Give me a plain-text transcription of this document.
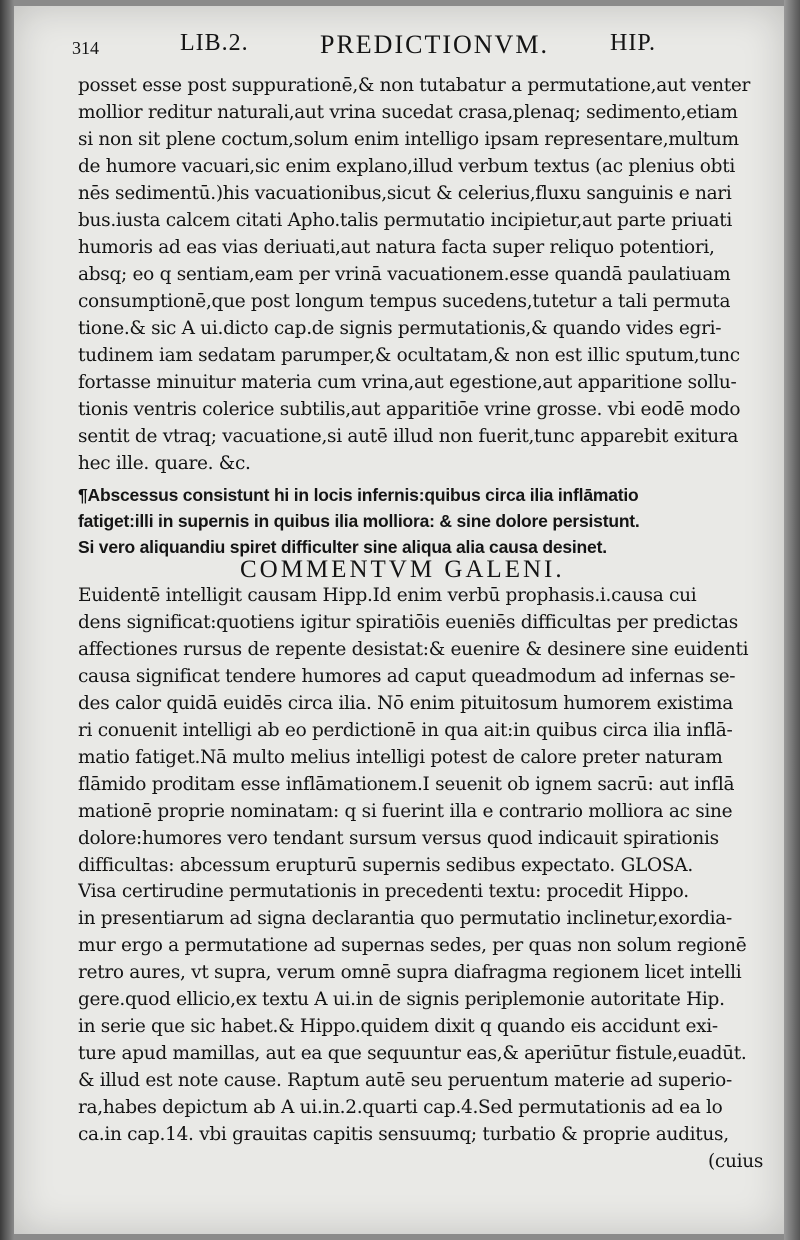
314	LIB.2.	PREDICTIONVM.	HIP.
posset esse post suppurationē,& non tutabatur a permutatione,aut venter
mollior reditur naturali,aut vrina sucedat crasa,plenaq; sedimento,etiam
si non sit plene coctum,solum enim intelligo ipsam representare,multum
de humore vacuari,sic enim explano,illud verbum textus (ac plenius obti
nēs sedimentū.)his vacuationibus,sicut & celerius,fluxu sanguinis e nari
bus.iusta calcem citati Apho.talis permutatio incipietur,aut parte priuati
humoris ad eas vias deriuati,aut natura facta super reliquo potentiori,
absq; eo q sentiam,eam per vrinā vacuationem.esse quandā paulatiuam
consumptionē,que post longum tempus sucedens,tutetur a tali permuta
tione.& sic A ui.dicto cap.de signis permutationis,& quando vides egri-
tudinem iam sedatam parumper,& ocultatam,& non est illic sputum,tunc
fortasse minuitur materia cum vrina,aut egestione,aut apparitione sollu-
tionis ventris colerice subtilis,aut apparitiōe vrine grosse. vbi eodē modo
sentit de vtraq; vacuatione,si autē illud non fuerit,tunc apparebit exitura
hec ille. quare. &c.
¶Abscessus consistunt hi in locis infernis:quibus circa ilia inflāmatio
fatiget:illi in supernis in quibus ilia molliora: & sine dolore persistunt.
Si vero aliquandiu spiret difficulter sine aliqua alia causa desinet.
COMMENTVM GALENI.
Euidentē intelligit causam Hipp.Id enim verbū prophasis.i.causa cui
dens significat:quotiens igitur spiratiōis eueniēs difficultas per predictas
affectiones rursus de repente desistat:& euenire & desinere sine euidenti
causa significat tendere humores ad caput queadmodum ad infernas se-
des calor quidā euidēs circa ilia. Nō enim pituitosum humorem existima
ri conuenit intelligi ab eo perdictionē in qua ait:in quibus circa ilia inflā-
matio fatiget.Nā multo melius intelligi potest de calore preter naturam
flāmido proditam esse inflāmationem.I seuenit ob ignem sacrū: aut inflā
mationē proprie nominatam: q si fuerint illa e contrario molliora ac sine
dolore:humores vero tendant sursum versus quod indicauit spirationis
difficultas: abcessum erupturū supernis sedibus expectato. GLOSA.
Visa certirudine permutationis in precedenti textu: procedit Hippo.
in presentiarum ad signa declarantia quo permutatio inclinetur,exordia-
mur ergo a permutatione ad supernas sedes, per quas non solum regionē
retro aures, vt supra, verum omnē supra diafragma regionem licet intelli
gere.quod ellicio,ex textu A ui.in de signis periplemonie autoritate Hip.
in serie que sic habet.& Hippo.quidem dixit q quando eis accidunt exi-
ture apud mamillas, aut ea que sequuntur eas,& aperiūtur fistule,euadūt.
& illud est note cause. Raptum autē seu peruentum materie ad superio-
ra,habes depictum ab A ui.in.2.quarti cap.4.Sed permutationis ad ea lo
ca.in cap.14. vbi grauitas capitis sensuumq; turbatio & proprie auditus,
(cuius
